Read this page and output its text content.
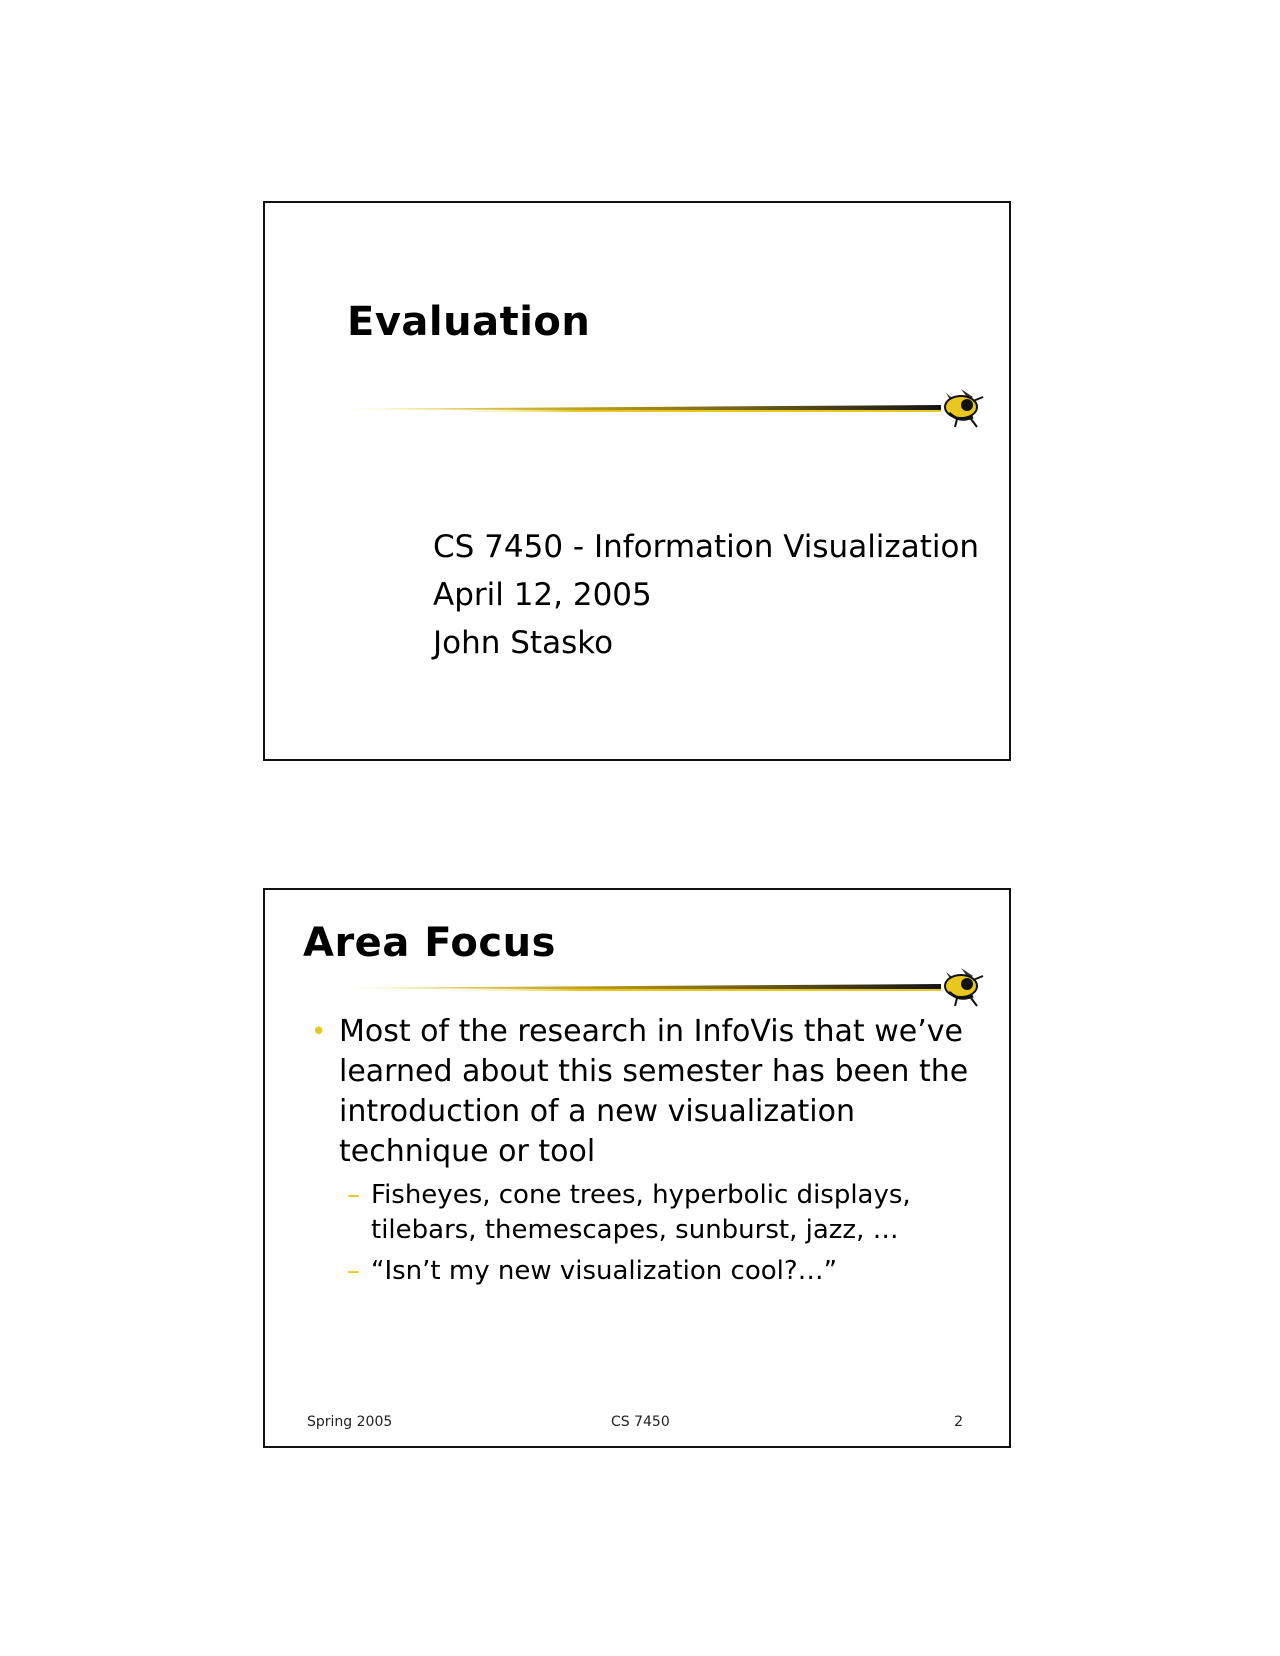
Evaluation
CS 7450 - Information Visualization
April 12, 2005
John Stasko
Area Focus
• Most of the research in InfoVis that we’ve learned about this semester has been the introduction of a new visualization technique or tool
– Fisheyes, cone trees, hyperbolic displays, tilebars, themescapes, sunburst, jazz, …
– “Isn’t my new visualization cool?…”
Spring 2005	CS 7450	2
